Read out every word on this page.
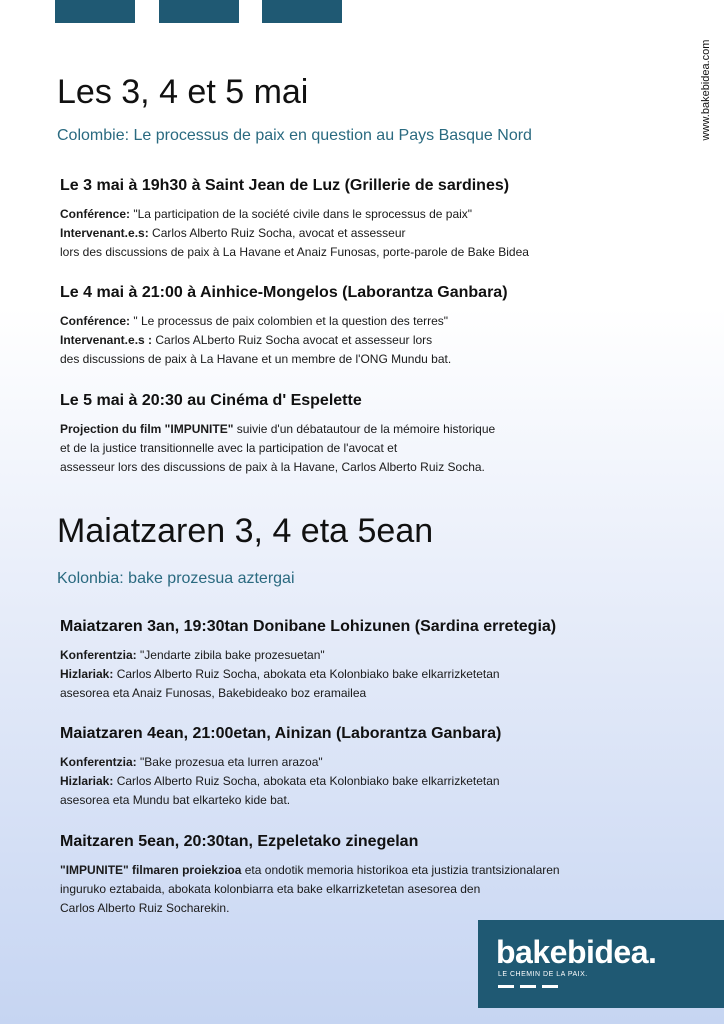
www.bakebidea.com
Les 3, 4 et 5 mai

Colombie: Le processus de paix en question au Pays Basque Nord

Le 3 mai à 19h30 à Saint Jean de Luz (Grillerie de sardines)

Conférence: "La participation de la société civile dans le sprocessus de paix"

Intervenant.e.s: Carlos Alberto Ruiz Socha, avocat et assesseur

lors des discussions de paix à La Havane et Anaiz Funosas, porte-parole de Bake Bidea

Le 4 mai à 21:00 à Ainhice-Mongelos (Laborantza Ganbara)

Conférence: " Le processus de paix colombien et la question des terres"

Intervenant.e.s : Carlos ALberto Ruiz Socha avocat et assesseur lors

des discussions de paix à La Havane et un membre de l'ONG Mundu bat.

Le 5 mai à 20:30 au Cinéma d' Espelette

Projection du film "IMPUNITE" suivie d'un débatautour de la mémoire historique

et de la justice transitionnelle avec la participation de l'avocat et

assesseur lors des discussions de paix à la Havane, Carlos Alberto Ruiz Socha.

Maiatzaren 3, 4 eta 5ean

Kolonbia: bake prozesua aztergai

Maiatzaren 3an, 19:30tan Donibane Lohizunen (Sardina erretegia)

Konferentzia: "Jendarte zibila bake prozesuetan"

Hizlariak: Carlos Alberto Ruiz Socha, abokata eta Kolonbiako bake elkarrizketetan

asesorea eta Anaiz Funosas, Bakebideako boz eramailea

Maiatzaren 4ean, 21:00etan, Ainizan (Laborantza Ganbara)

Konferentzia: "Bake prozesua eta lurren arazoa"

Hizlariak: Carlos Alberto Ruiz Socha, abokata eta Kolonbiako bake elkarrizketetan

asesorea eta Mundu bat elkarteko kide bat.

Maitzaren 5ean, 20:30tan, Ezpeletako zinegelan

"IMPUNITE" filmaren proiekzioa eta ondotik memoria historikoa eta justizia trantsizionalaren

inguruko eztabaida, abokata kolonbiarra eta bake elkarrizketetan asesorea den

Carlos Alberto Ruiz Socharekin.

bakebidea.
LE CHEMIN DE LA PAIX.
